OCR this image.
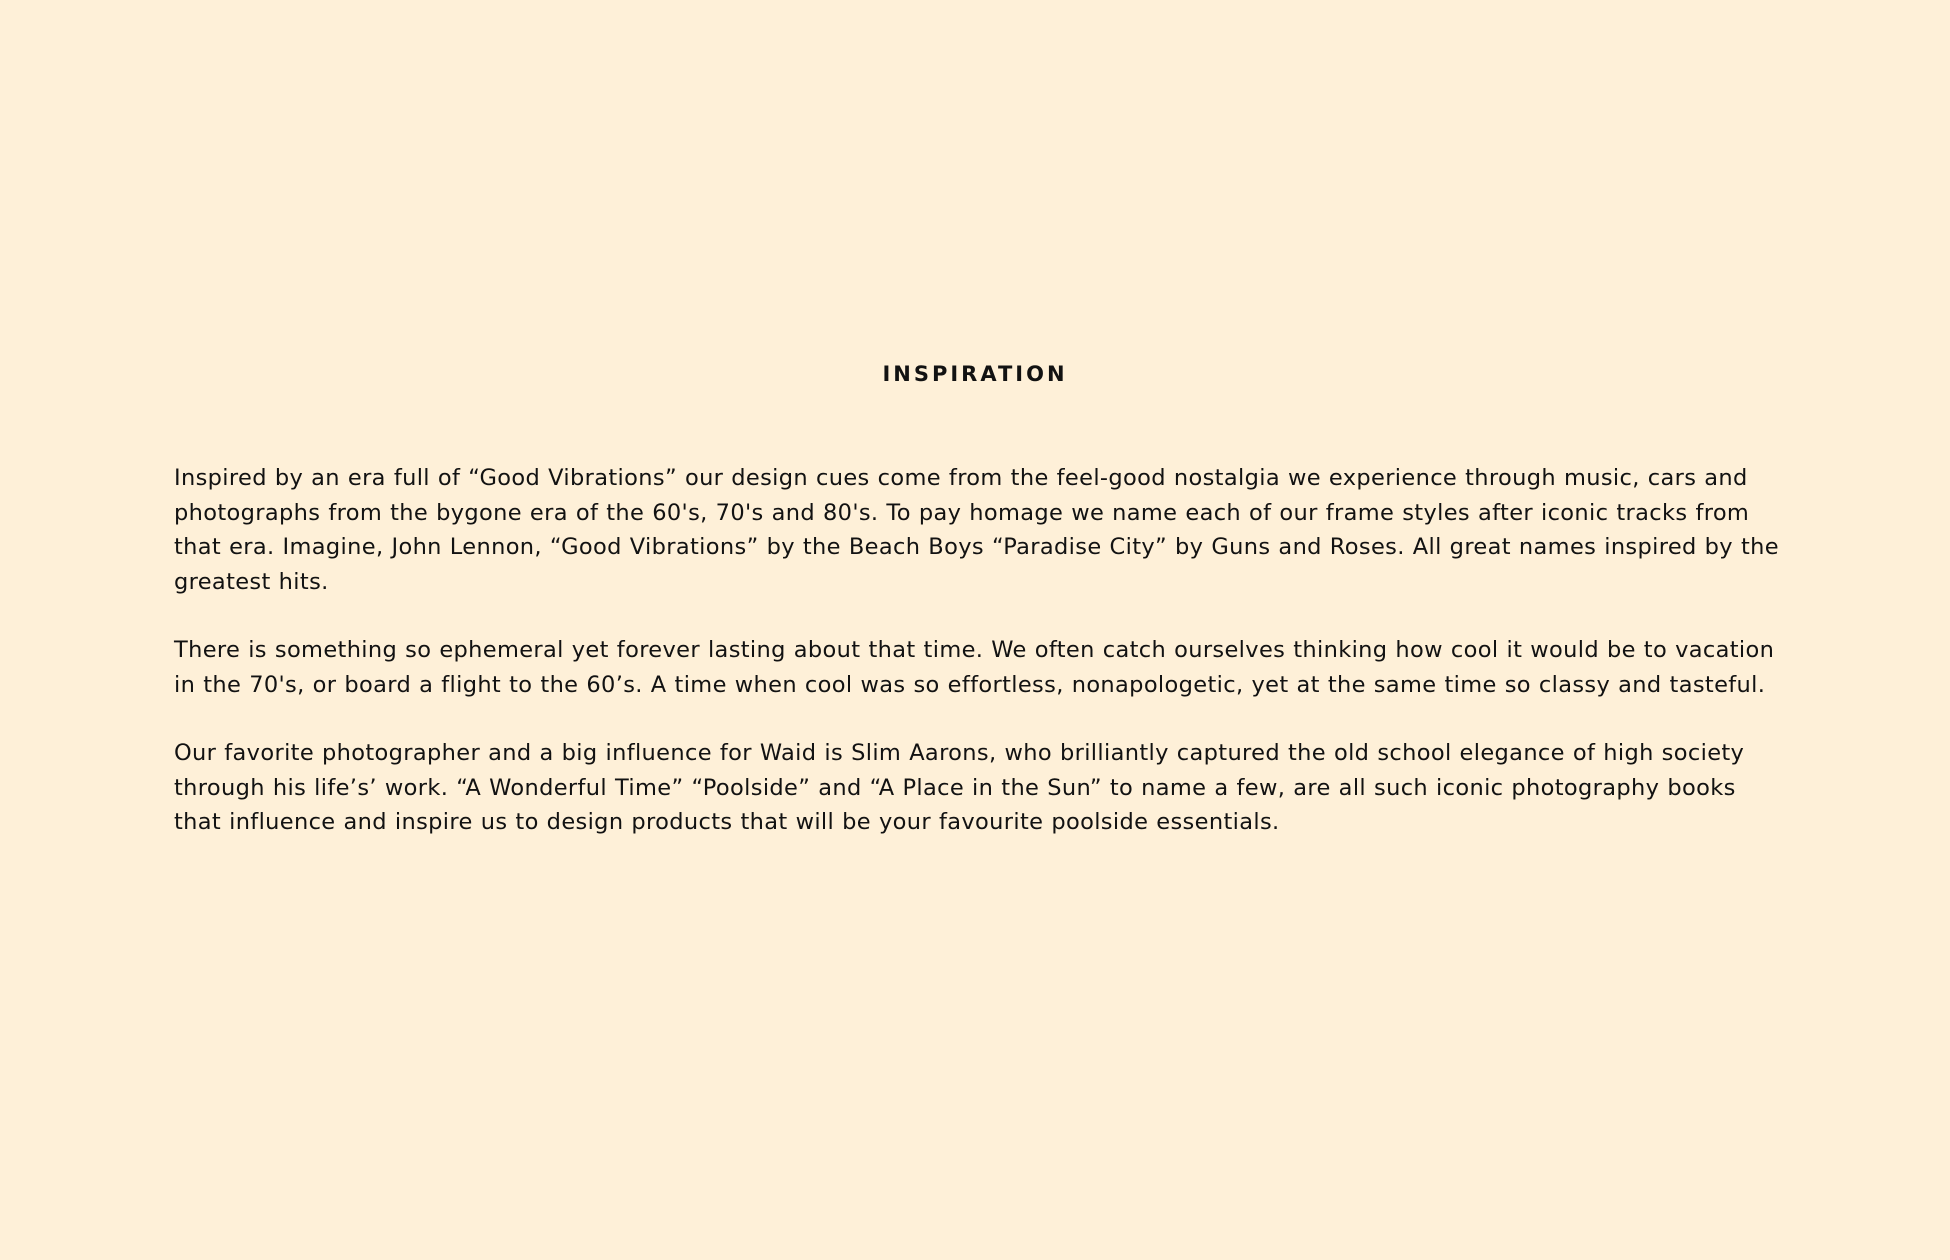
INSPIRATION

Inspired by an era full of “Good Vibrations” our design cues come from the feel-good nostalgia we experience through music, cars and photographs from the bygone era of the 60's, 70's and 80's. To pay homage we name each of our frame styles after iconic tracks from that era. Imagine, John Lennon, “Good Vibrations” by the Beach Boys “Paradise City” by Guns and Roses. All great names inspired by the greatest hits.

There is something so ephemeral yet forever lasting about that time. We often catch ourselves thinking how cool it would be to vacation in the 70's, or board a flight to the 60’s. A time when cool was so effortless, nonapologetic, yet at the same time so classy and tasteful.

Our favorite photographer and a big influence for Waid is Slim Aarons, who brilliantly captured the old school elegance of high society through his life’s’ work. “A Wonderful Time” “Poolside” and “A Place in the Sun” to name a few, are all such iconic photography books that influence and inspire us to design products that will be your favourite poolside essentials.
